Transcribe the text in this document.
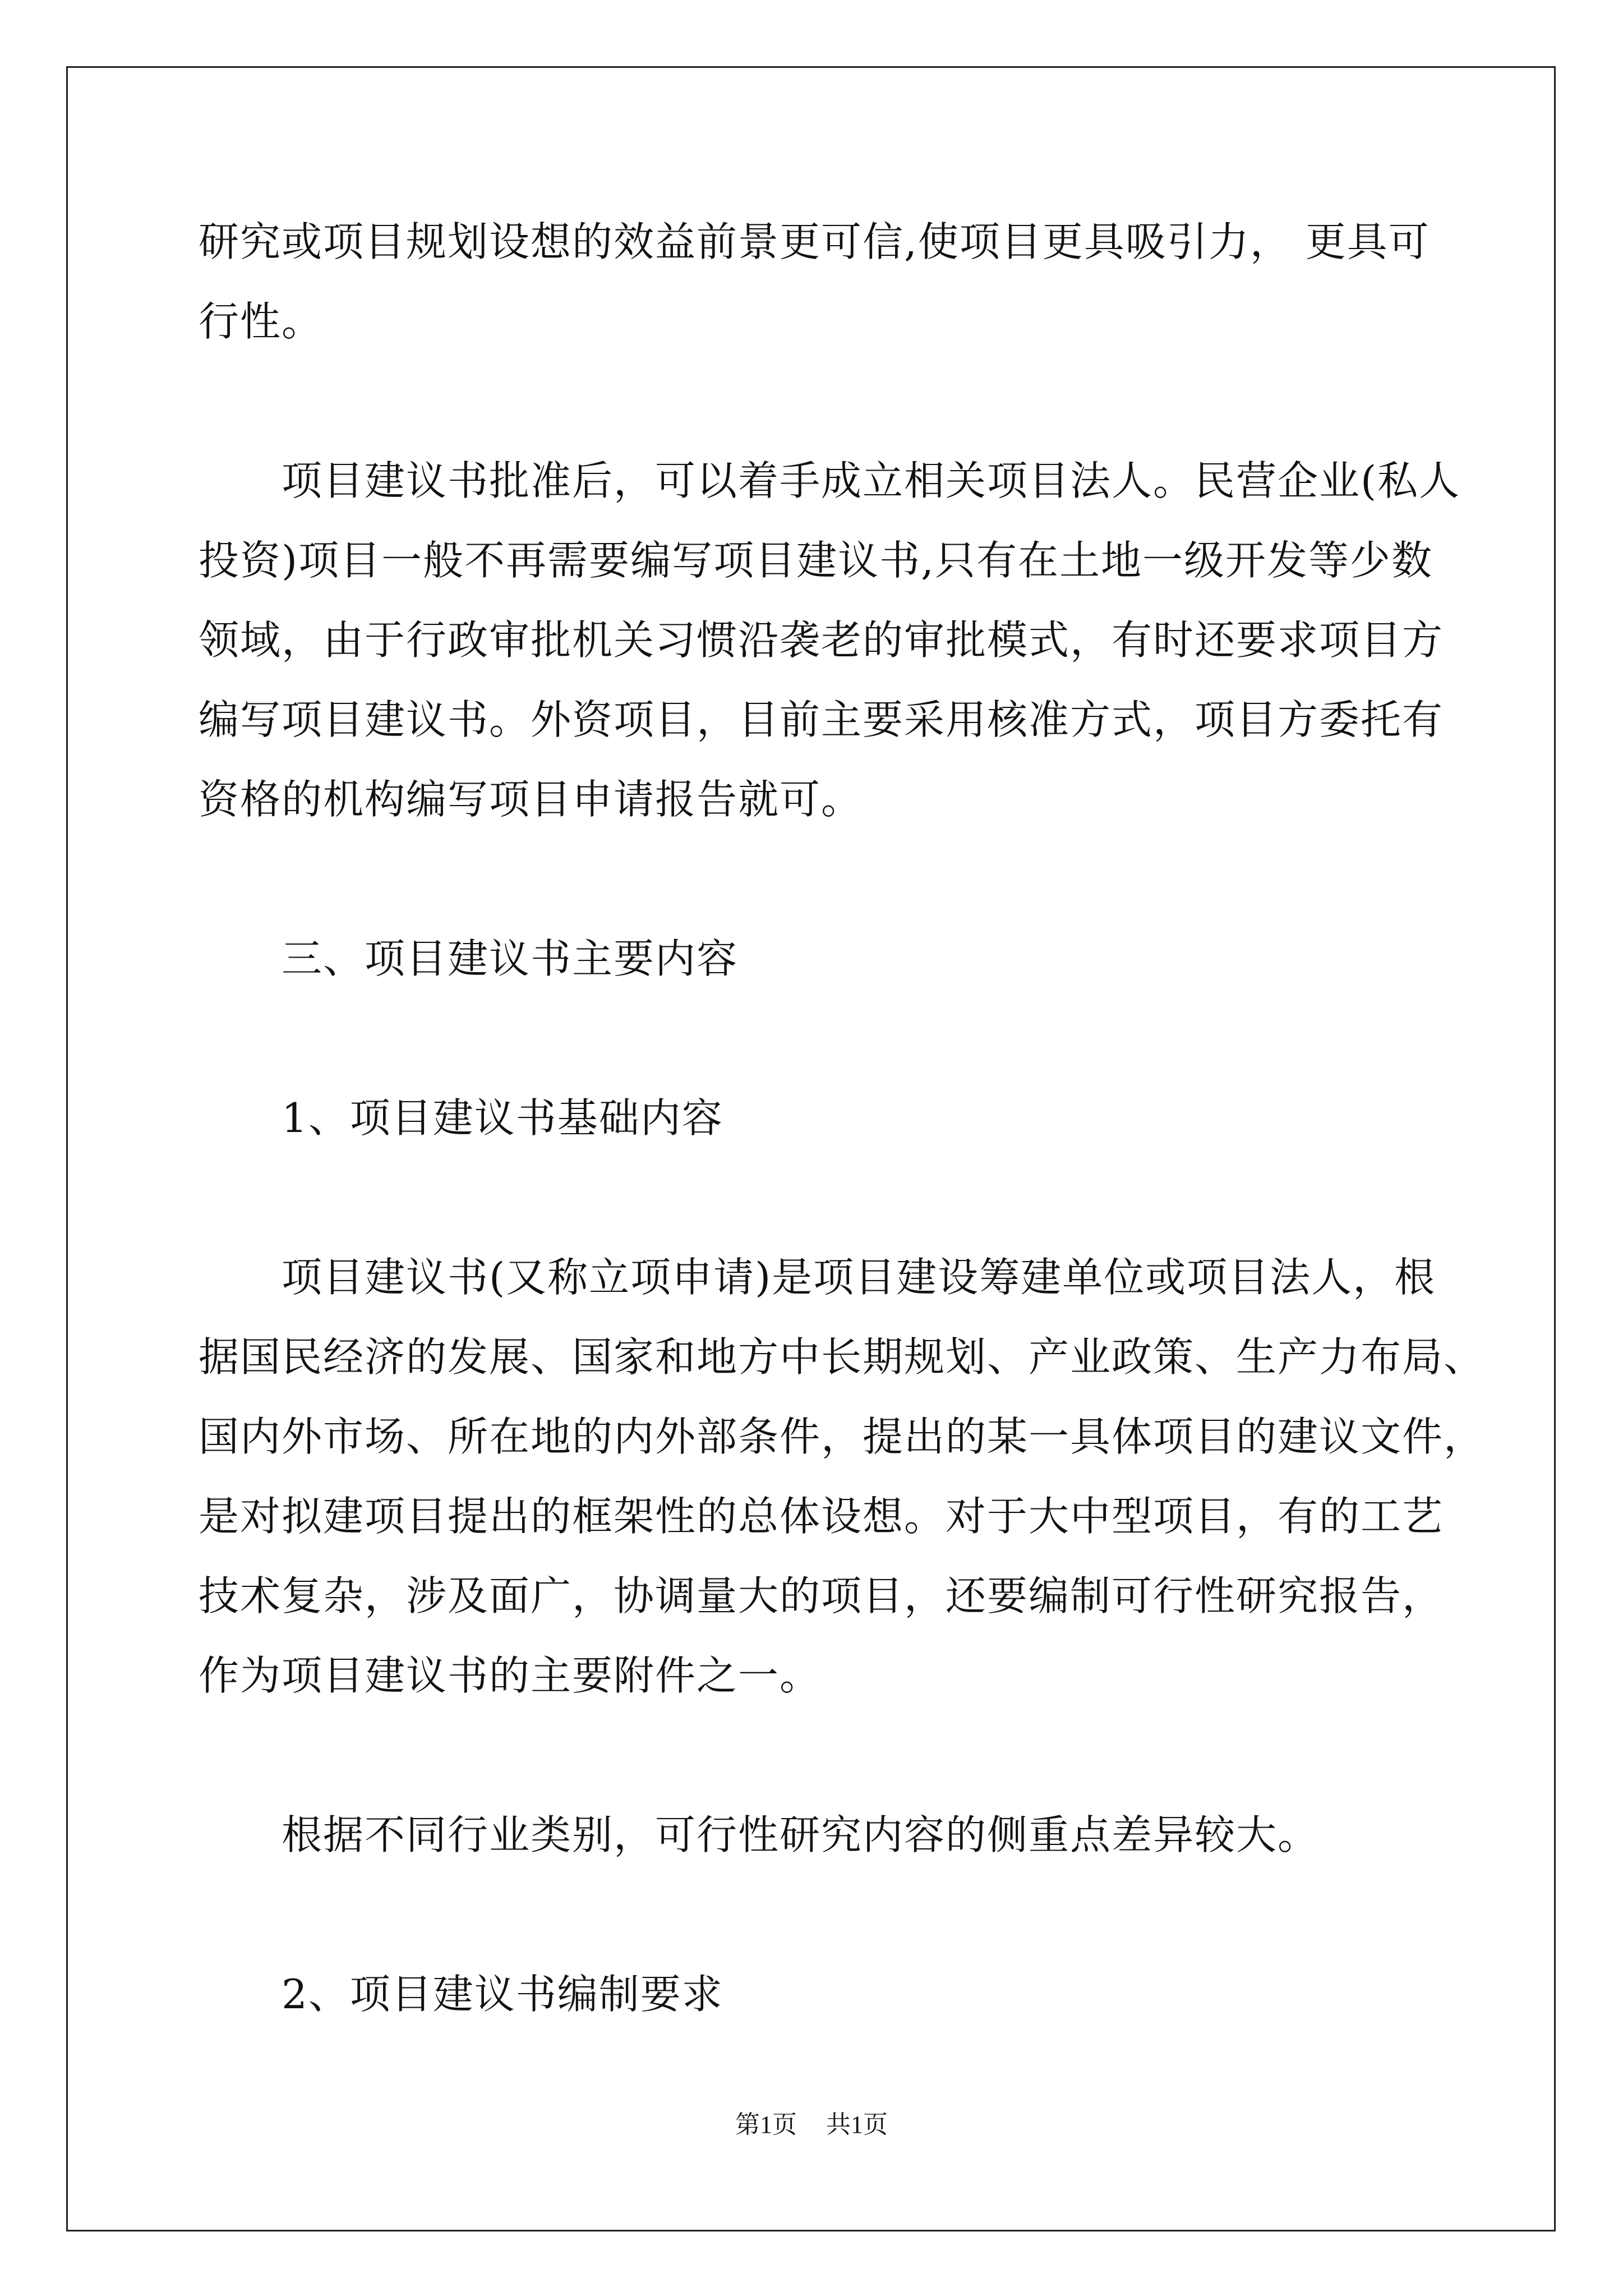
研究或项目规划设想的效益前景更可信,使项目更具吸引力， 更具可
行性。
项目建议书批准后，可以着手成立相关项目法人。民营企业(私人
投资)项目一般不再需要编写项目建议书,只有在土地一级开发等少数
领域，由于行政审批机关习惯沿袭老的审批模式，有时还要求项目方
编写项目建议书。外资项目，目前主要采用核准方式，项目方委托有
资格的机构编写项目申请报告就可。
三、项目建议书主要内容
1、项目建议书基础内容
项目建议书(又称立项申请)是项目建设筹建单位或项目法人，根
据国民经济的发展、国家和地方中长期规划、产业政策、生产力布局、
国内外市场、所在地的内外部条件，提出的某一具体项目的建议文件，
是对拟建项目提出的框架性的总体设想。对于大中型项目，有的工艺
技术复杂，涉及面广，协调量大的项目，还要编制可行性研究报告，
作为项目建议书的主要附件之一。
根据不同行业类别，可行性研究内容的侧重点差异较大。
2、项目建议书编制要求
第1页 共1页
